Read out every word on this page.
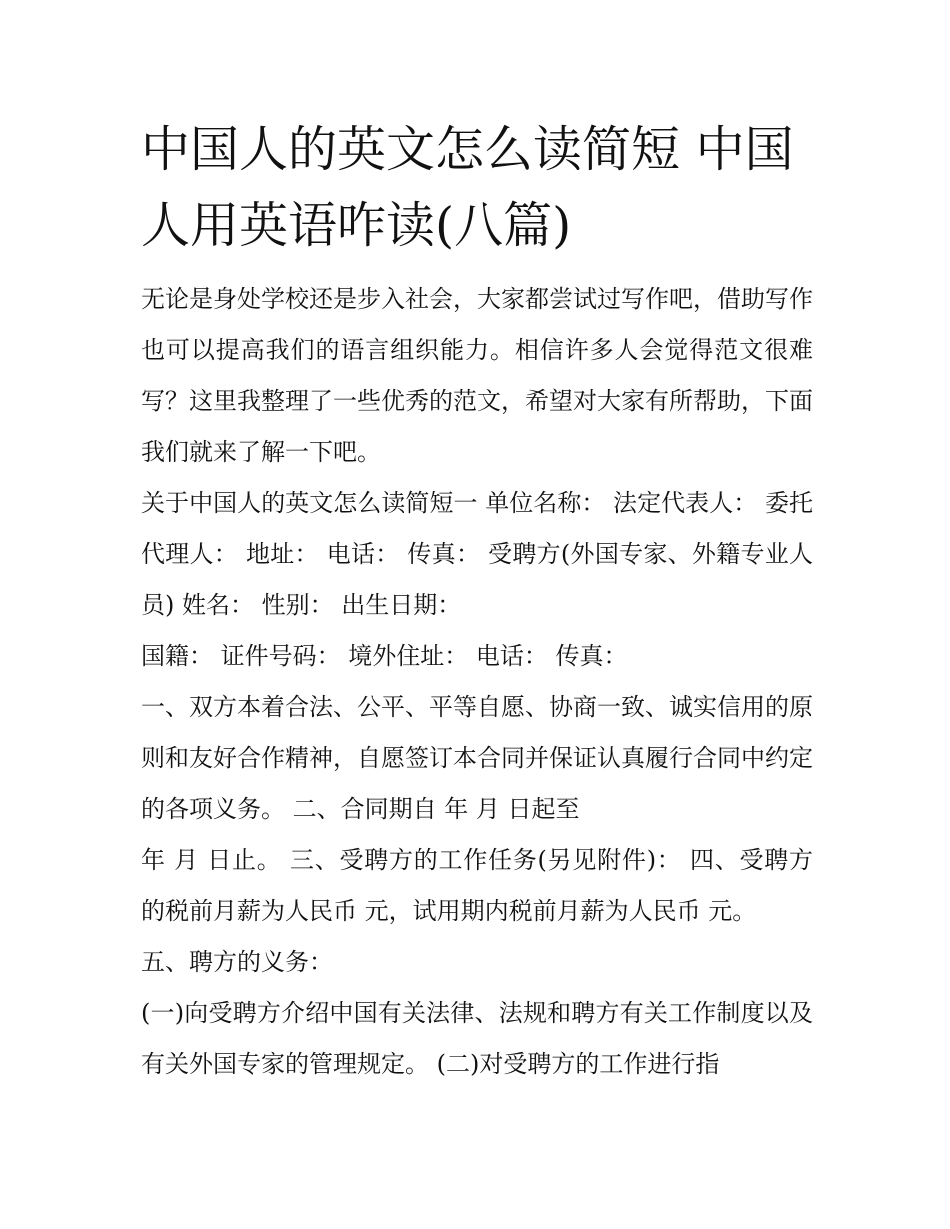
中国人的英文怎么读简短 中国人用英语咋读(八篇)

无论是身处学校还是步入社会，大家都尝试过写作吧，借助写作也可以提高我们的语言组织能力。相信许多人会觉得范文很难写？这里我整理了一些优秀的范文，希望对大家有所帮助，下面我们就来了解一下吧。

关于中国人的英文怎么读简短一 单位名称： 法定代表人： 委托代理人： 地址： 电话： 传真： 受聘方(外国专家、外籍专业人员) 姓名： 性别： 出生日期：

国籍： 证件号码： 境外住址： 电话： 传真：

一、双方本着合法、公平、平等自愿、协商一致、诚实信用的原则和友好合作精神，自愿签订本合同并保证认真履行合同中约定的各项义务。 二、合同期自 年 月 日起至

年 月 日止。 三、受聘方的工作任务(另见附件)： 四、受聘方的税前月薪为人民币 元，试用期内税前月薪为人民币 元。

五、聘方的义务：

(一)向受聘方介绍中国有关法律、法规和聘方有关工作制度以及有关外国专家的管理规定。 (二)对受聘方的工作进行指
